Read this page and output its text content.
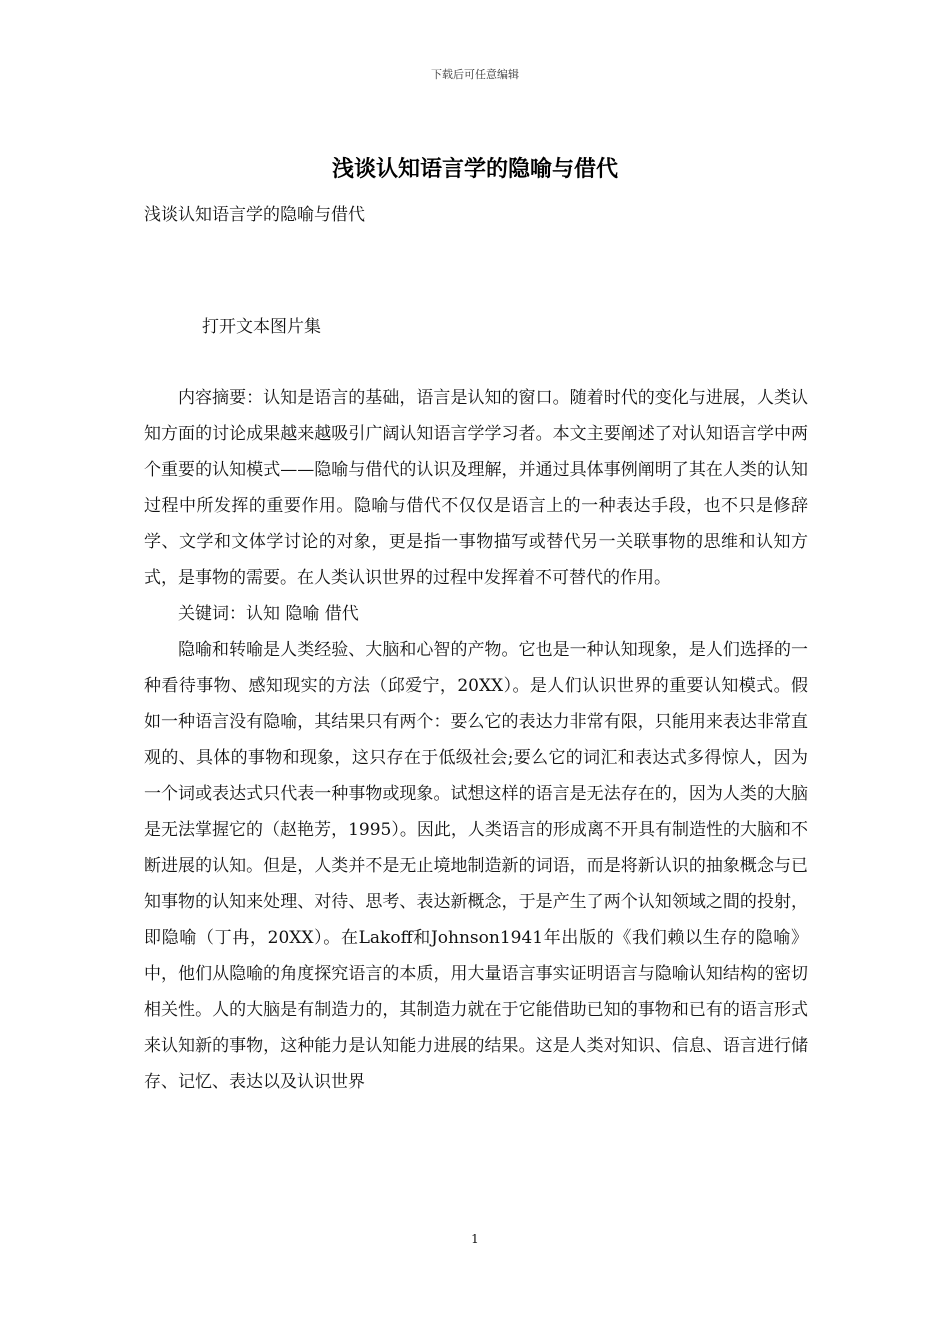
下载后可任意编辑
浅谈认知语言学的隐喻与借代
浅谈认知语言学的隐喻与借代
打开文本图片集

内容摘要：认知是语言的基础，语言是认知的窗口。随着时代的变化与进展，人类认知方面的讨论成果越来越吸引广阔认知语言学学习者。本文主要阐述了对认知语言学中两个重要的认知模式——隐喻与借代的认识及理解，并通过具体事例阐明了其在人类的认知过程中所发挥的重要作用。隐喻与借代不仅仅是语言上的一种表达手段，也不只是修辞学、文学和文体学讨论的对象，更是指一事物描写或替代另一关联事物的思维和认知方式，是事物的需要。在人类认识世界的过程中发挥着不可替代的作用。

关键词：认知 隐喻 借代

隐喻和转喻是人类经验、大脑和心智的产物。它也是一种认知现象，是人们选择的一种看待事物、感知现实的方法（邱爱宁，20XX）。是人们认识世界的重要认知模式。假如一种语言没有隐喻，其结果只有两个：要么它的表达力非常有限，只能用来表达非常直观的、具体的事物和现象，这只存在于低级社会;要么它的词汇和表达式多得惊人，因为一个词或表达式只代表一种事物或现象。试想这样的语言是无法存在的，因为人类的大脑是无法掌握它的（赵艳芳，1995）。因此，人类语言的形成离不开具有制造性的大脑和不断进展的认知。但是，人类并不是无止境地制造新的词语，而是将新认识的抽象概念与已知事物的认知来处理、对待、思考、表达新概念，于是产生了两个认知领域之間的投射，即隐喻（丁冉，20XX）。在Lakoff和Johnson1941年出版的《我们赖以生存的隐喻》中，他们从隐喻的角度探究语言的本质，用大量语言事实证明语言与隐喻认知结构的密切相关性。人的大脑是有制造力的，其制造力就在于它能借助已知的事物和已有的语言形式来认知新的事物，这种能力是认知能力进展的结果。这是人类对知识、信息、语言进行储存、记忆、表达以及认识世界

1
